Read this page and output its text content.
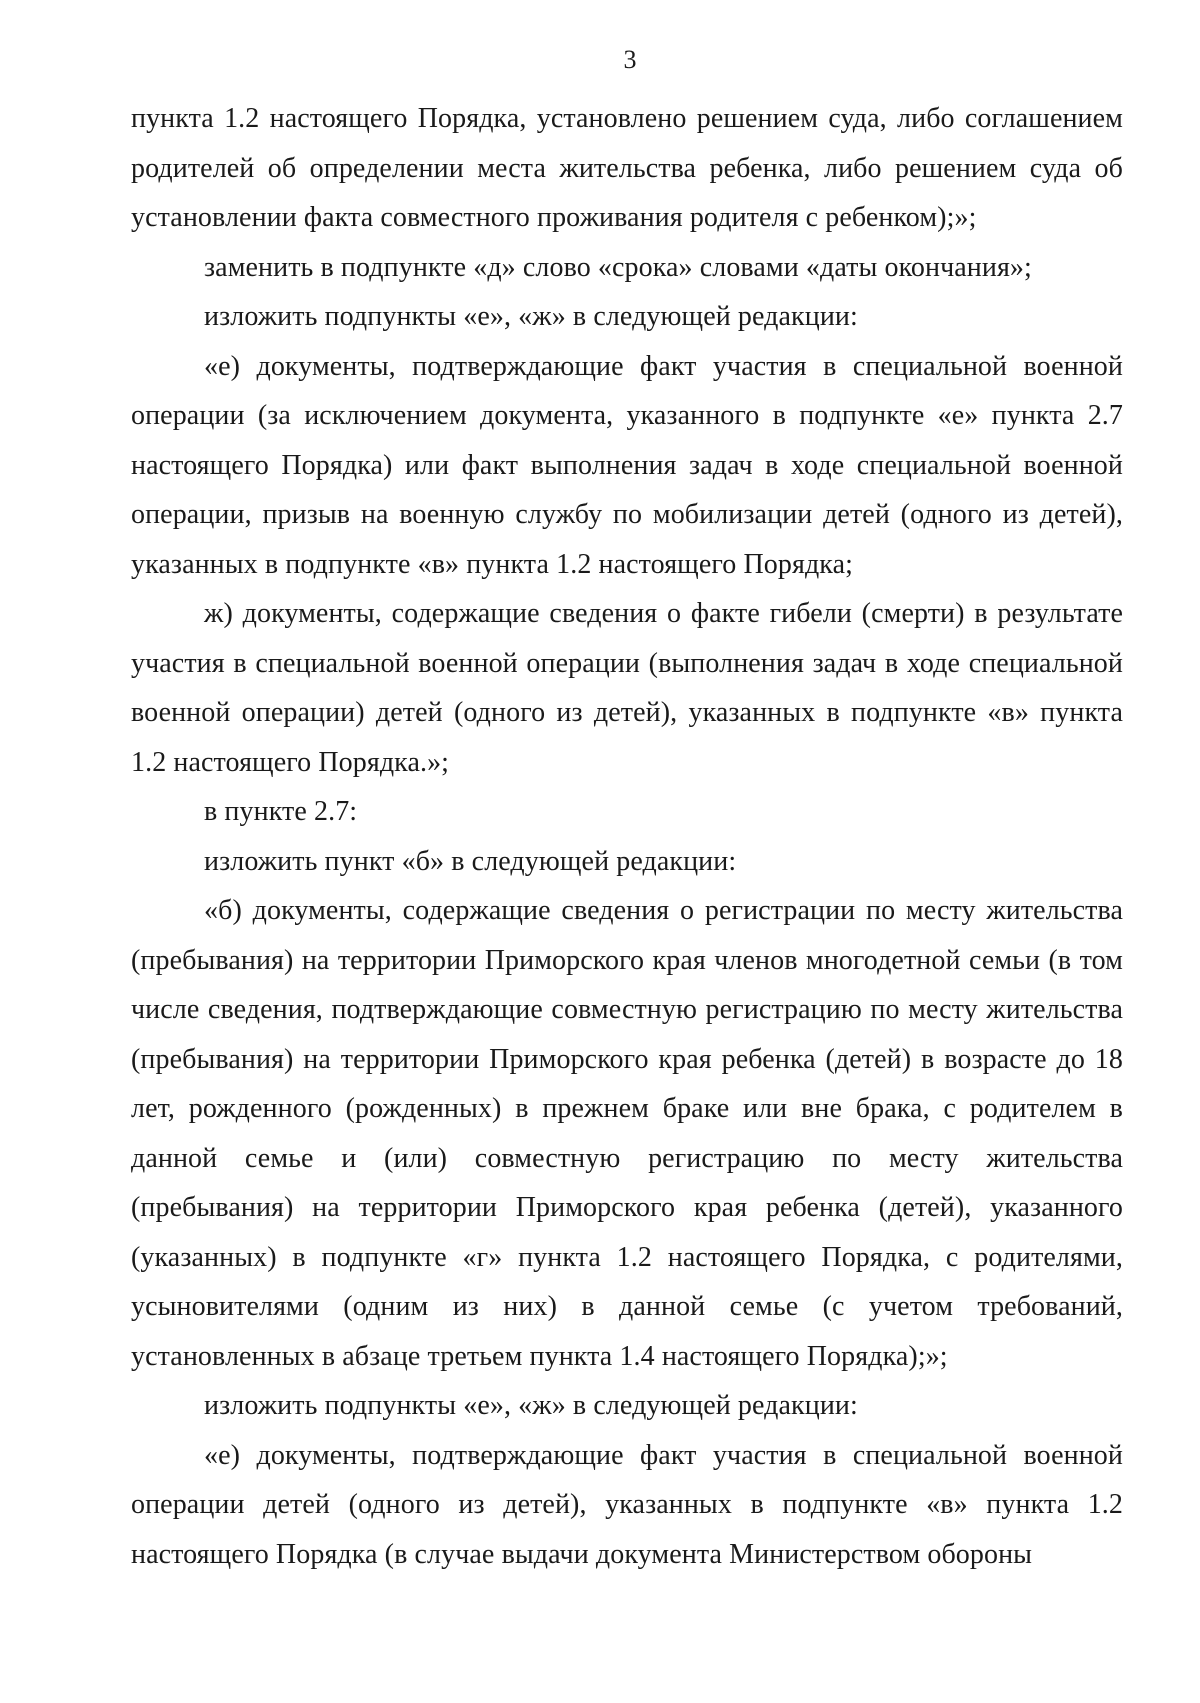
3

пункта 1.2 настоящего Порядка, установлено решением суда, либо соглашением родителей об определении места жительства ребенка, либо решением суда об установлении факта совместного проживания родителя с ребенком);»;

заменить в подпункте «д» слово «срока» словами «даты окончания»;

изложить подпункты «е», «ж» в следующей редакции:

«е) документы, подтверждающие факт участия в специальной военной операции (за исключением документа, указанного в подпункте «е» пункта 2.7 настоящего Порядка) или факт выполнения задач в ходе специальной военной операции, призыв на военную службу по мобилизации детей (одного из детей), указанных в подпункте «в» пункта 1.2 настоящего Порядка;

ж) документы, содержащие сведения о факте гибели (смерти) в результате участия в специальной военной операции (выполнения задач в ходе специальной военной операции) детей (одного из детей), указанных в подпункте «в» пункта 1.2 настоящего Порядка.»;

в пункте 2.7:

изложить пункт «б» в следующей редакции:

«б) документы, содержащие сведения о регистрации по месту жительства (пребывания) на территории Приморского края членов многодетной семьи (в том числе сведения, подтверждающие совместную регистрацию по месту жительства (пребывания) на территории Приморского края ребенка (детей) в возрасте до 18 лет, рожденного (рожденных) в прежнем браке или вне брака, с родителем в данной семье и (или) совместную регистрацию по месту жительства (пребывания) на территории Приморского края ребенка (детей), указанного (указанных) в подпункте «г» пункта 1.2 настоящего Порядка, с родителями, усыновителями (одним из них) в данной семье (с учетом требований, установленных в абзаце третьем пункта 1.4 настоящего Порядка);»;

изложить подпункты «е», «ж» в следующей редакции:

«е) документы, подтверждающие факт участия в специальной военной операции детей (одного из детей), указанных в подпункте «в» пункта 1.2 настоящего Порядка (в случае выдачи документа Министерством обороны
